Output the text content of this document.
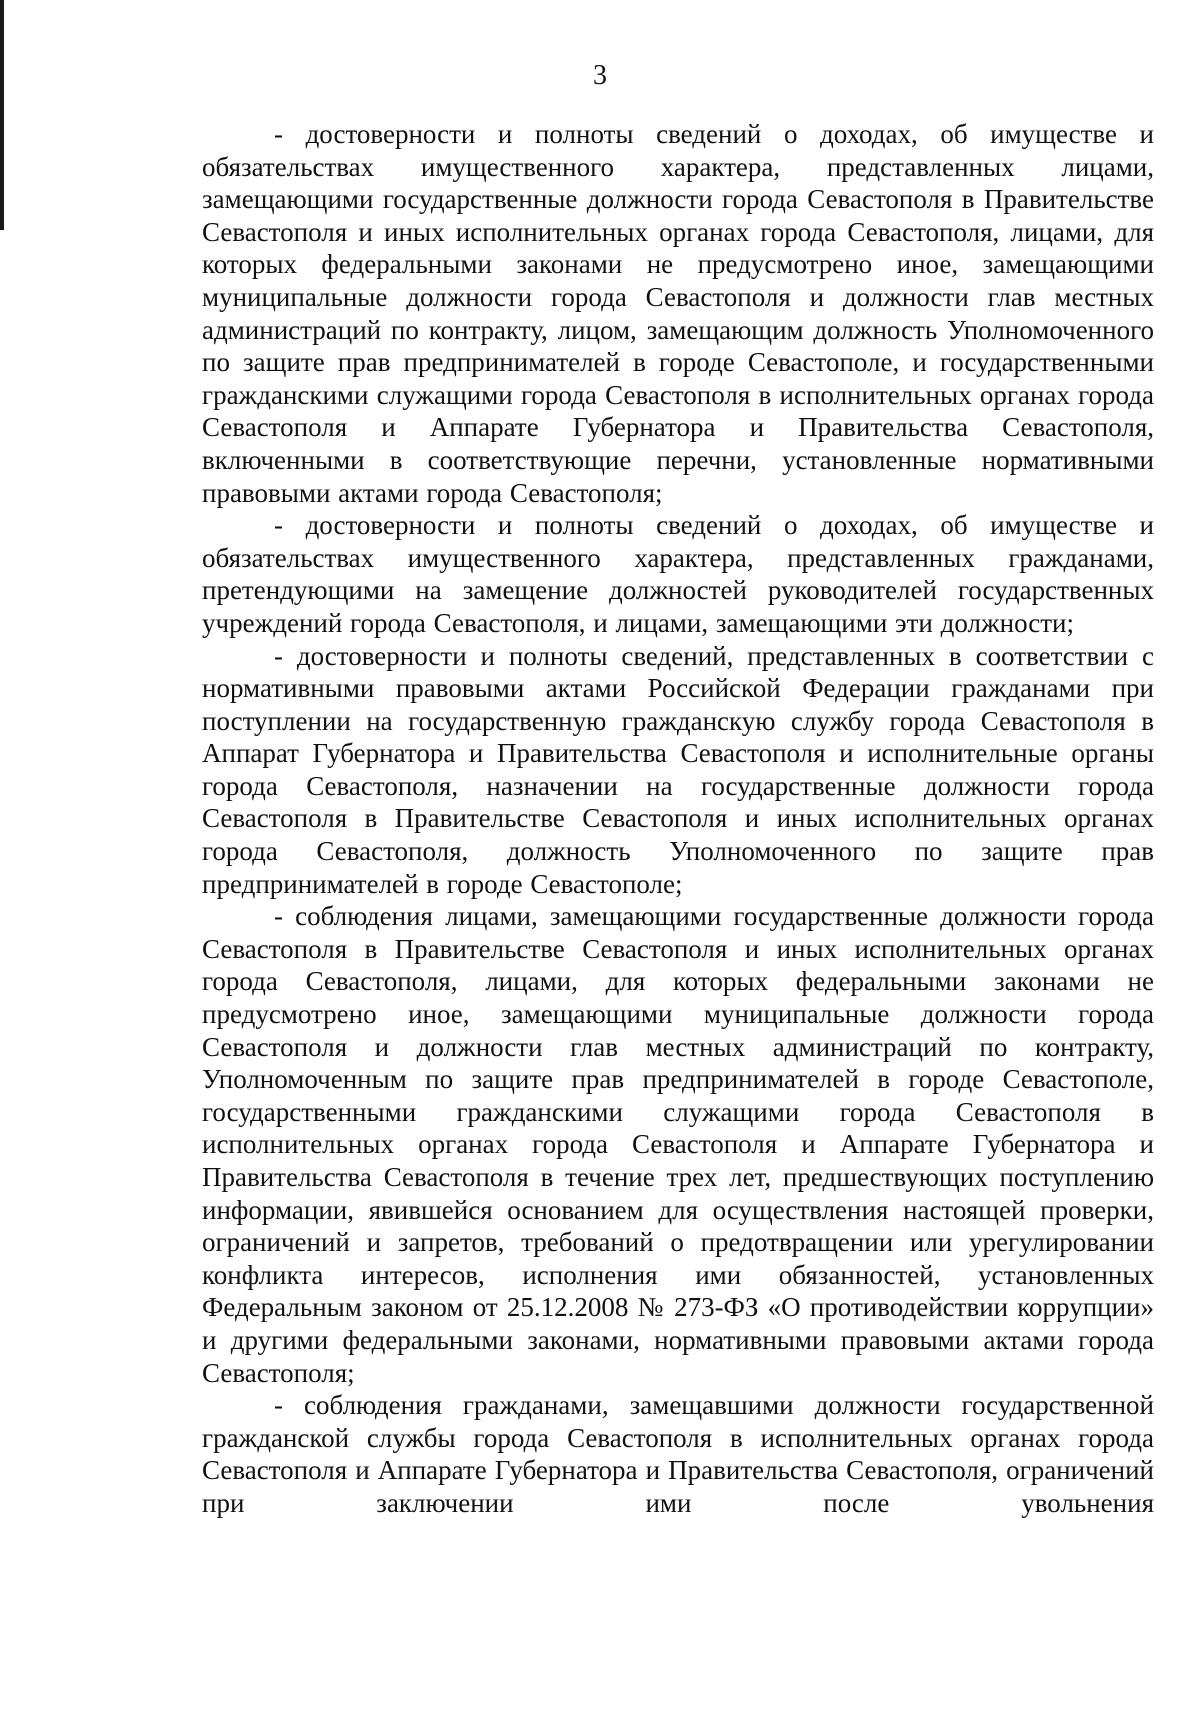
3

- достоверности и полноты сведений о доходах, об имуществе и обязательствах имущественного характера, представленных лицами, замещающими государственные должности города Севастополя в Правительстве Севастополя и иных исполнительных органах города Севастополя, лицами, для которых федеральными законами не предусмотрено иное, замещающими муниципальные должности города Севастополя и должности глав местных администраций по контракту, лицом, замещающим должность Уполномоченного по защите прав предпринимателей в городе Севастополе, и государственными гражданскими служащими города Севастополя в исполнительных органах города Севастополя и Аппарате Губернатора и Правительства Севастополя, включенными в соответствующие перечни, установленные нормативными правовыми актами города Севастополя;

- достоверности и полноты сведений о доходах, об имуществе и обязательствах имущественного характера, представленных гражданами, претендующими на замещение должностей руководителей государственных учреждений города Севастополя, и лицами, замещающими эти должности;

- достоверности и полноты сведений, представленных в соответствии с нормативными правовыми актами Российской Федерации гражданами при поступлении на государственную гражданскую службу города Севастополя в Аппарат Губернатора и Правительства Севастополя и исполнительные органы города Севастополя, назначении на государственные должности города Севастополя в Правительстве Севастополя и иных исполнительных органах города Севастополя, должность Уполномоченного по защите прав предпринимателей в городе Севастополе;

- соблюдения лицами, замещающими государственные должности города Севастополя в Правительстве Севастополя и иных исполнительных органах города Севастополя, лицами, для которых федеральными законами не предусмотрено иное, замещающими муниципальные должности города Севастополя и должности глав местных администраций по контракту, Уполномоченным по защите прав предпринимателей в городе Севастополе, государственными гражданскими служащими города Севастополя в исполнительных органах города Севастополя и Аппарате Губернатора и Правительства Севастополя в течение трех лет, предшествующих поступлению информации, явившейся основанием для осуществления настоящей проверки, ограничений и запретов, требований о предотвращении или урегулировании конфликта интересов, исполнения ими обязанностей, установленных Федеральным законом от 25.12.2008 № 273-ФЗ «О противодействии коррупции» и другими федеральными законами, нормативными правовыми актами города Севастополя;

- соблюдения гражданами, замещавшими должности государственной гражданской службы города Севастополя в исполнительных органах города Севастополя и Аппарате Губернатора и Правительства Севастополя, ограничений при заключении ими после увольнения
